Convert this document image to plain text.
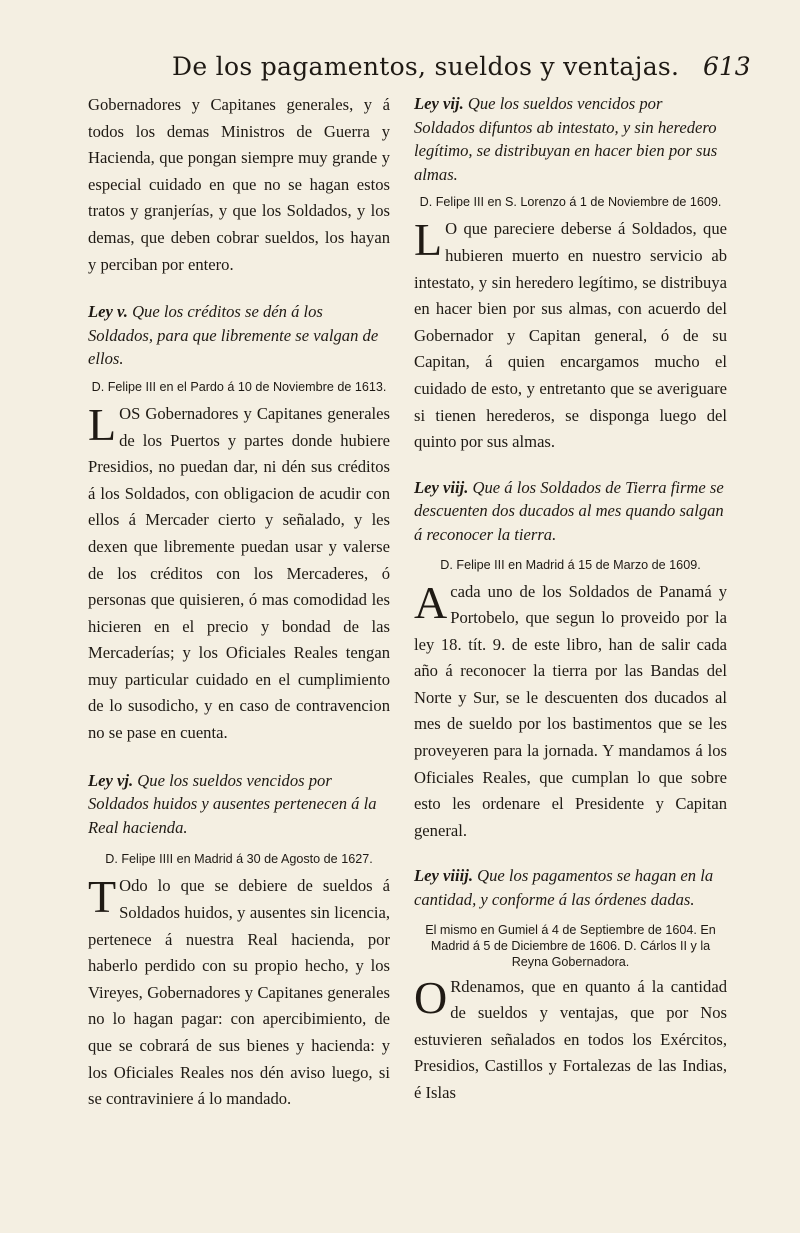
De los pagamentos, sueldos y ventajas. 613

Gobernadores y Capitanes generales, y á todos los demas Ministros de Guerra y Hacienda, que pongan siempre muy grande y especial cuidado en que no se hagan estos tratos y granjerías, y que los Soldados, y los demas, que deben cobrar sueldos, los hayan y perciban por entero.

Ley v. Que los créditos se dén á los Soldados, para que libremente se valgan de ellos.

D. Felipe III en el Pardo á 10 de Noviembre de 1613.

LOS Gobernadores y Capitanes generales de los Puertos y partes donde hubiere Presidios, no puedan dar, ni dén sus créditos á los Soldados, con obligacion de acudir con ellos á Mercader cierto y señalado, y les dexen que libremente puedan usar y valerse de los créditos con los Mercaderes, ó personas que quisieren, ó mas comodidad les hicieren en el precio y bondad de las Mercaderías; y los Oficiales Reales tengan muy particular cuidado en el cumplimiento de lo susodicho, y en caso de contravencion no se pase en cuenta.

Ley vj. Que los sueldos vencidos por Soldados huidos y ausentes pertenecen á la Real hacienda.

D. Felipe IIII en Madrid á 30 de Agosto de 1627.

T Odo lo que se debiere de sueldos á Soldados huidos, y ausentes sin licencia, pertenece á nuestra Real hacienda, por haberlo perdido con su propio hecho, y los Vireyes, Gobernadores y Capitanes generales no lo hagan pagar: con apercibimiento, de que se cobrará de sus bienes y hacienda: y los Oficiales Reales nos dén aviso luego, si se contraviniere á lo mandado.

Ley vij. Que los sueldos vencidos por Soldados difuntos ab intestato, y sin heredero legítimo, se distribuyan en hacer bien por sus almas.

D. Felipe III en S. Lorenzo á 1 de Noviembre de 1609.

L O que pareciere deberse á Soldados, que hubieren muerto en nuestro servicio ab intestato, y sin heredero legítimo, se distribuya en hacer bien por sus almas, con acuerdo del Gobernador y Capitan general, ó de su Capitan, á quien encargamos mucho el cuidado de esto, y entretanto que se averiguare si tienen herederos, se disponga luego del quinto por sus almas.

Ley viij. Que á los Soldados de Tierra firme se descuenten dos ducados al mes quando salgan á reconocer la tierra.

D. Felipe III en Madrid á 15 de Marzo de 1609.

Acada uno de los Soldados de Panamá y Portobelo, que segun lo proveido por la ley 18. tít. 9. de este libro, han de salir cada año á reconocer la tierra por las Bandas del Norte y Sur, se le descuenten dos ducados al mes de sueldo por los bastimentos que se les proveyeren para la jornada. Y mandamos á los Oficiales Reales, que cumplan lo que sobre esto les ordenare el Presidente y Capitan general.

Ley viiij. Que los pagamentos se hagan en la cantidad, y conforme á las órdenes dadas.

El mismo en Gumiel á 4 de Septiembre de 1604. En Madrid á 5 de Diciembre de 1606. D. Cárlos II y la Reyna Gobernadora.

O Rdenamos, que en quanto á la cantidad de sueldos y ventajas, que por Nos estuvieren señalados en todos los Exércitos, Presidios, Castillos y Fortalezas de las Indias, é Islas
